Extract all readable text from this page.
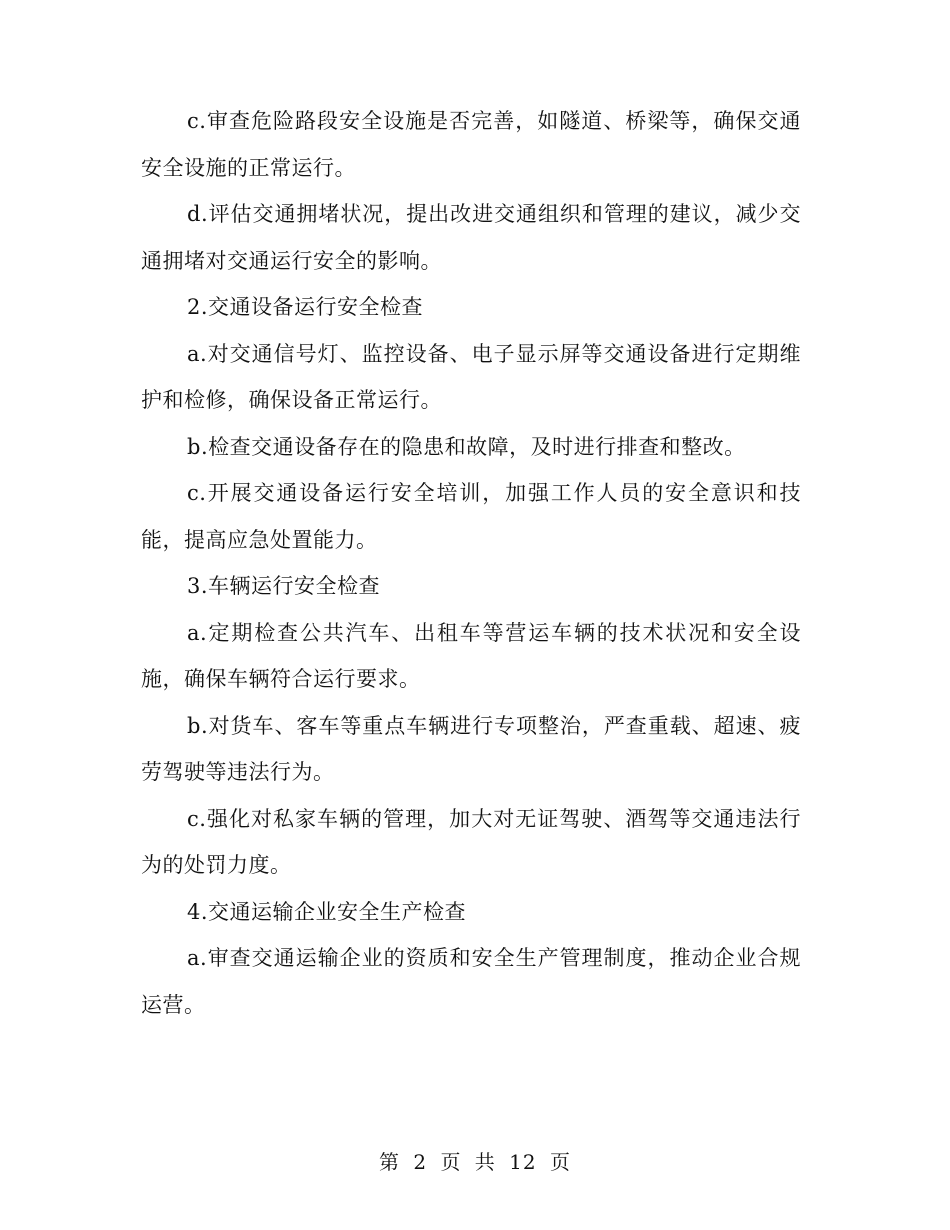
c.审查危险路段安全设施是否完善，如隧道、桥梁等，确保交通安全设施的正常运行。

d.评估交通拥堵状况，提出改进交通组织和管理的建议，减少交通拥堵对交通运行安全的影响。

2.交通设备运行安全检查

a.对交通信号灯、监控设备、电子显示屏等交通设备进行定期维护和检修，确保设备正常运行。

b.检查交通设备存在的隐患和故障，及时进行排查和整改。

c.开展交通设备运行安全培训，加强工作人员的安全意识和技能，提高应急处置能力。

3.车辆运行安全检查

a.定期检查公共汽车、出租车等营运车辆的技术状况和安全设施，确保车辆符合运行要求。

b.对货车、客车等重点车辆进行专项整治，严查重载、超速、疲劳驾驶等违法行为。

c.强化对私家车辆的管理，加大对无证驾驶、酒驾等交通违法行为的处罚力度。

4.交通运输企业安全生产检查

a.审查交通运输企业的资质和安全生产管理制度，推动企业合规运营。

第 2 页 共 12 页
